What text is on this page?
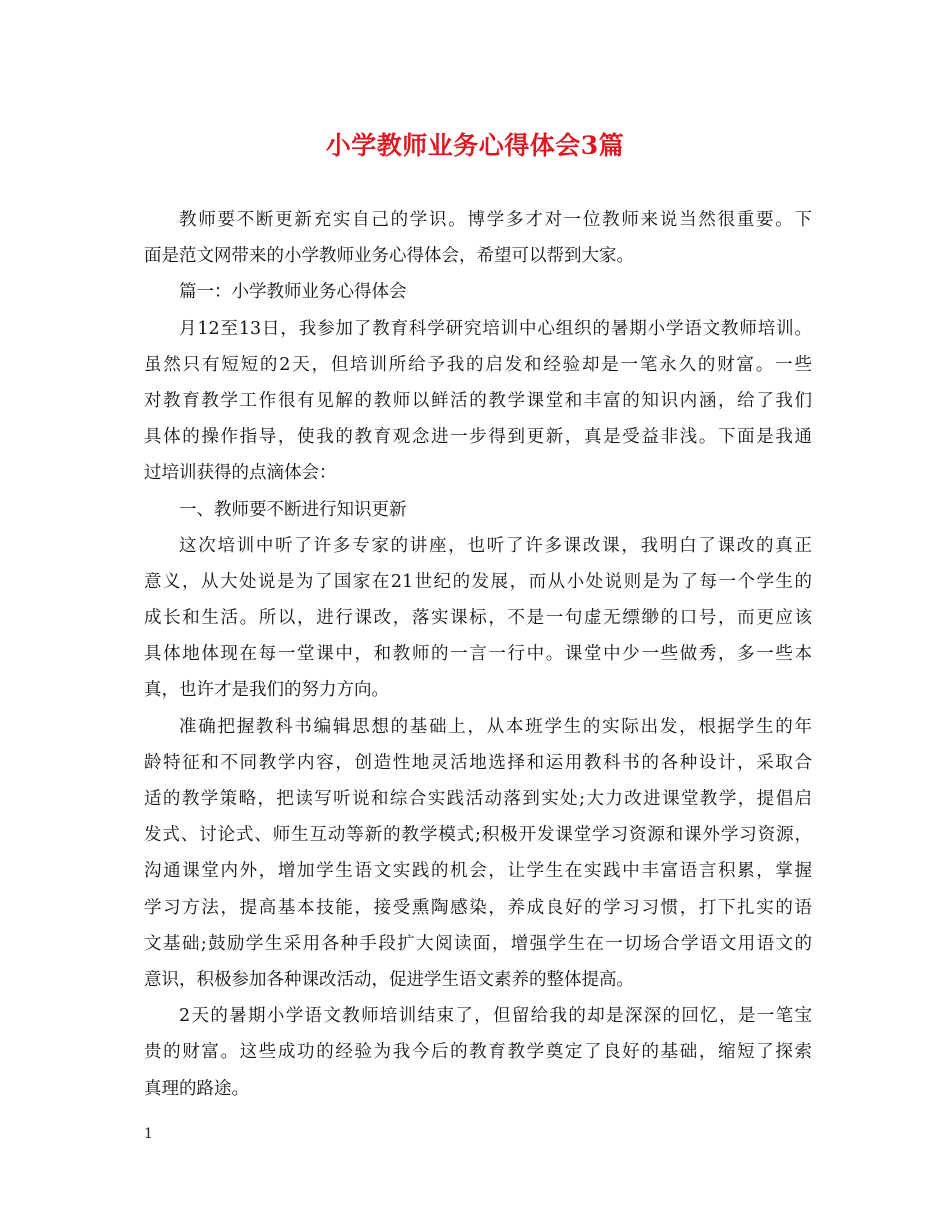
小学教师业务心得体会3篇
教师要不断更新充实自己的学识。博学多才对一位教师来说当然很重要。下
面是范文网带来的小学教师业务心得体会，希望可以帮到大家。
篇一：小学教师业务心得体会
月12至13日，我参加了教育科学研究培训中心组织的暑期小学语文教师培训。
虽然只有短短的2天，但培训所给予我的启发和经验却是一笔永久的财富。一些
对教育教学工作很有见解的教师以鲜活的教学课堂和丰富的知识内涵，给了我们
具体的操作指导，使我的教育观念进一步得到更新，真是受益非浅。下面是我通
过培训获得的点滴体会：
一、教师要不断进行知识更新
这次培训中听了许多专家的讲座，也听了许多课改课，我明白了课改的真正
意义，从大处说是为了国家在21世纪的发展，而从小处说则是为了每一个学生的
成长和生活。所以，进行课改，落实课标，不是一句虚无缥缈的口号，而更应该
具体地体现在每一堂课中，和教师的一言一行中。课堂中少一些做秀，多一些本
真，也许才是我们的努力方向。
准确把握教科书编辑思想的基础上，从本班学生的实际出发，根据学生的年
龄特征和不同教学内容，创造性地灵活地选择和运用教科书的各种设计，采取合
适的教学策略，把读写听说和综合实践活动落到实处;大力改进课堂教学，提倡启
发式、讨论式、师生互动等新的教学模式;积极开发课堂学习资源和课外学习资源，
沟通课堂内外，增加学生语文实践的机会，让学生在实践中丰富语言积累，掌握
学习方法，提高基本技能，接受熏陶感染，养成良好的学习习惯，打下扎实的语
文基础;鼓励学生采用各种手段扩大阅读面，增强学生在一切场合学语文用语文的
意识，积极参加各种课改活动，促进学生语文素养的整体提高。
2天的暑期小学语文教师培训结束了，但留给我的却是深深的回忆，是一笔宝
贵的财富。这些成功的经验为我今后的教育教学奠定了良好的基础，缩短了探索
真理的路途。
1
